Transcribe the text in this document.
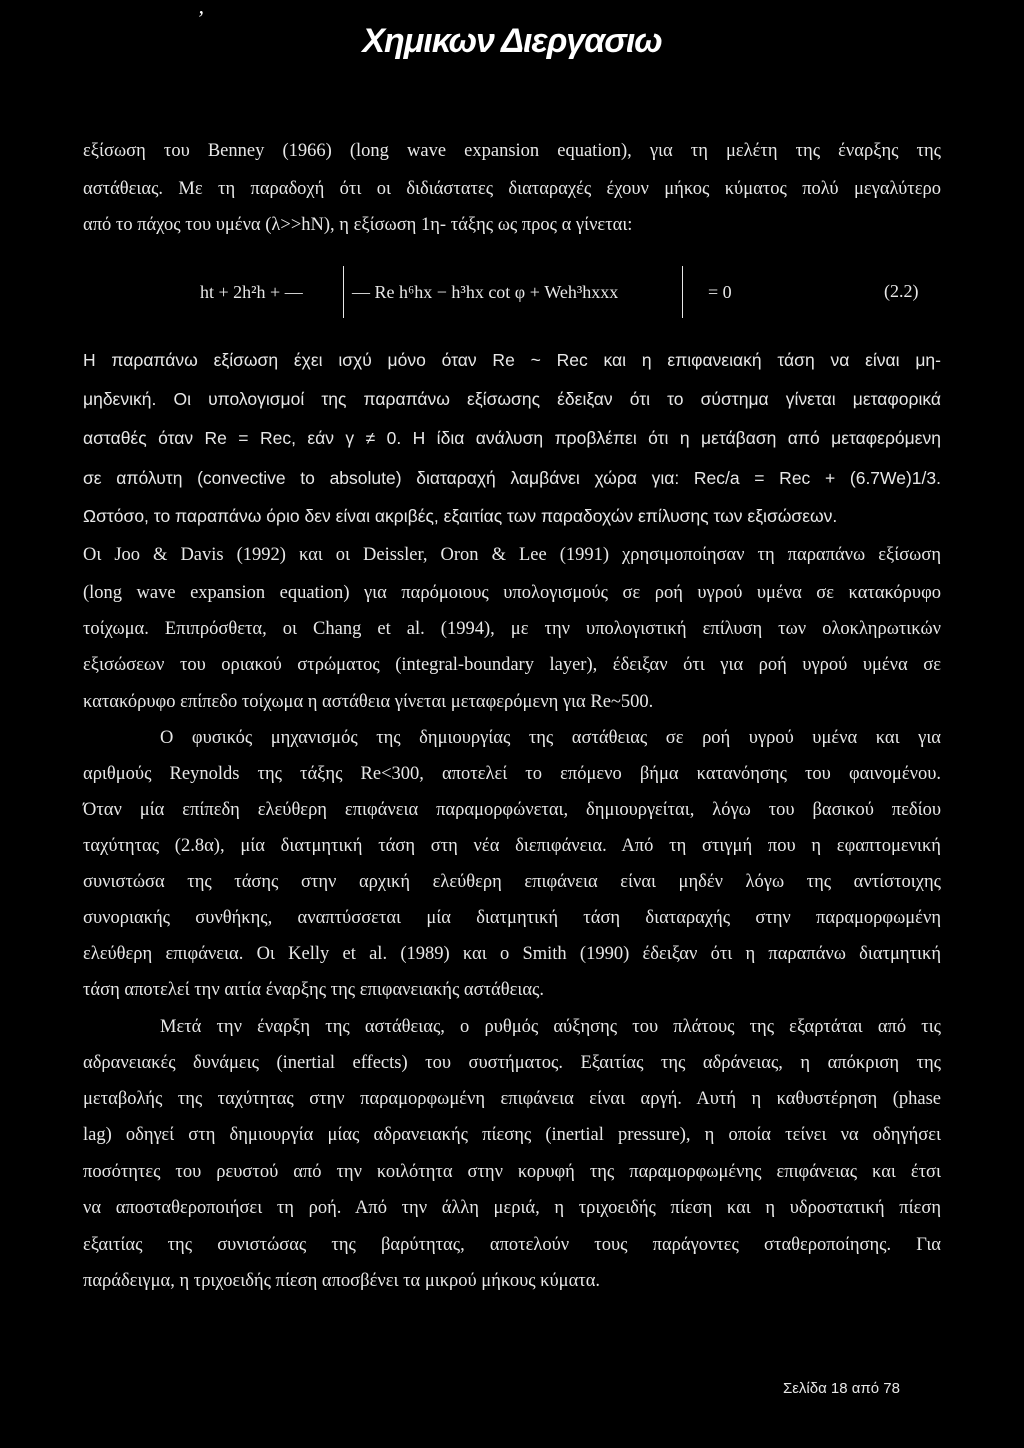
ʼ
Χημικων Διεργασιω
εξίσωση του Benney (1966) (long wave expansion equation), για τη μελέτη της έναρξης της
αστάθειας. Με τη παραδοχή ότι οι διδιάστατες διαταραχές έχουν μήκος κύματος πολύ μεγαλύτερο
από το πάχος του υμένα (λ>>hN), η εξίσωση 1η- τάξης ως προς α γίνεται:
ht + 2h²h + —	— Re h⁶hx − h³hx cot φ + Weh³hxxx	= 0	(2.2)
Η παραπάνω εξίσωση έχει ισχύ μόνο όταν Re ~ Rec και η επιφανειακή τάση να είναι μη-
μηδενική. Οι υπολογισμοί της παραπάνω εξίσωσης έδειξαν ότι το σύστημα γίνεται μεταφορικά
ασταθές όταν Re = Rec, εάν γ ≠ 0. Η ίδια ανάλυση προβλέπει ότι η μετάβαση από μεταφερόμενη
σε απόλυτη (convective to absolute) διαταραχή λαμβάνει χώρα για: Rec/a = Rec + (6.7We)1/3.
Ωστόσο, το παραπάνω όριο δεν είναι ακριβές, εξαιτίας των παραδοχών επίλυσης των εξισώσεων.
Οι Joo & Davis (1992) και οι Deissler, Oron & Lee (1991) χρησιμοποίησαν τη παραπάνω εξίσωση
(long wave expansion equation) για παρόμοιους υπολογισμούς σε ροή υγρού υμένα σε κατακόρυφο
τοίχωμα. Επιπρόσθετα, οι Chang et al. (1994), με την υπολογιστική επίλυση των ολοκληρωτικών
εξισώσεων του οριακού στρώματος (integral-boundary layer), έδειξαν ότι για ροή υγρού υμένα σε
κατακόρυφο επίπεδο τοίχωμα η αστάθεια γίνεται μεταφερόμενη για Re~500.
Ο φυσικός μηχανισμός της δημιουργίας της αστάθειας σε ροή υγρού υμένα και για
αριθμούς Reynolds της τάξης Re<300, αποτελεί το επόμενο βήμα κατανόησης του φαινομένου.
Όταν μία επίπεδη ελεύθερη επιφάνεια παραμορφώνεται, δημιουργείται, λόγω του βασικού πεδίου
ταχύτητας (2.8α), μία διατμητική τάση στη νέα διεπιφάνεια. Από τη στιγμή που η εφαπτομενική
συνιστώσα της τάσης στην αρχική ελεύθερη επιφάνεια είναι μηδέν λόγω της αντίστοιχης
συνοριακής συνθήκης, αναπτύσσεται μία διατμητική τάση διαταραχής στην παραμορφωμένη
ελεύθερη επιφάνεια. Οι Kelly et al. (1989) και ο Smith (1990) έδειξαν ότι η παραπάνω διατμητική
τάση αποτελεί την αιτία έναρξης της επιφανειακής αστάθειας.
Μετά την έναρξη της αστάθειας, ο ρυθμός αύξησης του πλάτους της εξαρτάται από τις
αδρανειακές δυνάμεις (inertial effects) του συστήματος. Εξαιτίας της αδράνειας, η απόκριση της
μεταβολής της ταχύτητας στην παραμορφωμένη επιφάνεια είναι αργή. Αυτή η καθυστέρηση (phase
lag) οδηγεί στη δημιουργία μίας αδρανειακής πίεσης (inertial pressure), η οποία τείνει να οδηγήσει
ποσότητες του ρευστού από την κοιλότητα στην κορυφή της παραμορφωμένης επιφάνειας και έτσι
να αποσταθεροποιήσει τη ροή. Από την άλλη μεριά, η τριχοειδής πίεση και η υδροστατική πίεση
εξαιτίας της συνιστώσας της βαρύτητας, αποτελούν τους παράγοντες σταθεροποίησης. Για
παράδειγμα, η τριχοειδής πίεση αποσβένει τα μικρού μήκους κύματα.
Σελίδα 18 από 78
